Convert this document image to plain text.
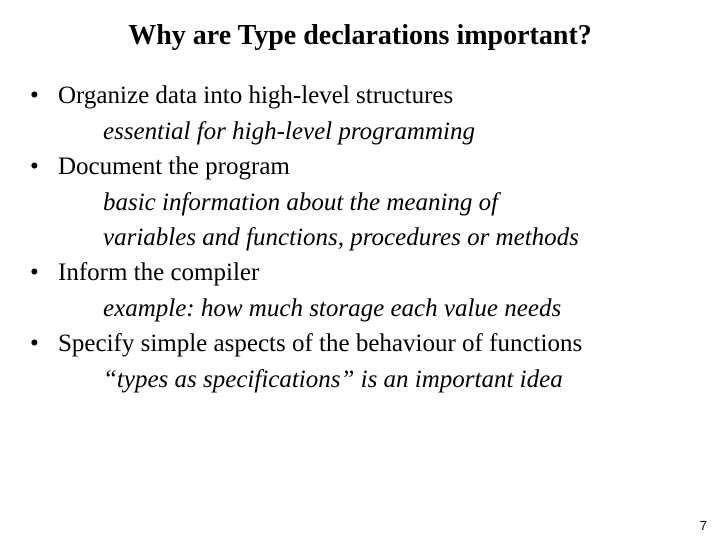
Why are Type declarations important?
• Organize data into high-level structures
essential for high-level programming
• Document the program
basic information about the meaning of
variables and functions, procedures or methods
• Inform the compiler
example: how much storage each value needs
• Specify simple aspects of the behaviour of functions
“types as specifications” is an important idea
7
